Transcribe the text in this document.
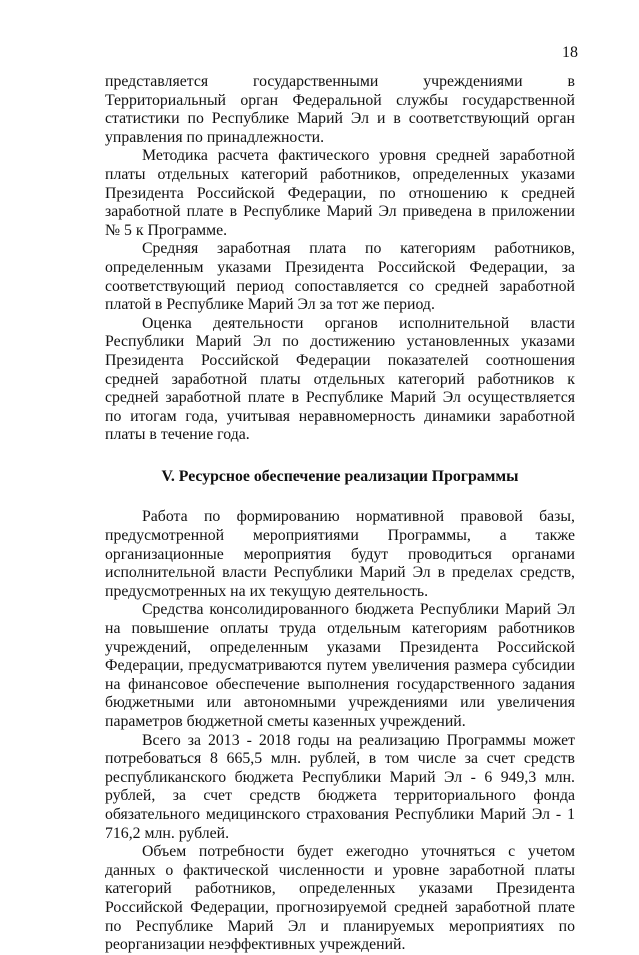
18

представляется государственными учреждениями в Территориальный орган Федеральной службы государственной статистики по Республике Марий Эл и в соответствующий орган управления по принадлежности.

Методика расчета фактического уровня средней заработной платы отдельных категорий работников, определенных указами Президента Российской Федерации, по отношению к средней заработной плате в Республике Марий Эл приведена в приложении № 5 к Программе.

Средняя заработная плата по категориям работников, определенным указами Президента Российской Федерации, за соответствующий период сопоставляется со средней заработной платой в Республике Марий Эл за тот же период.

Оценка деятельности органов исполнительной власти Республики Марий Эл по достижению установленных указами Президента Российской Федерации показателей соотношения средней заработной платы отдельных категорий работников к средней заработной плате в Республике Марий Эл осуществляется по итогам года, учитывая неравномерность динамики заработной платы в течение года.

V. Ресурсное обеспечение реализации Программы

Работа по формированию нормативной правовой базы, предусмотренной мероприятиями Программы, а также организационные мероприятия будут проводиться органами исполнительной власти Республики Марий Эл в пределах средств, предусмотренных на их текущую деятельность.

Средства консолидированного бюджета Республики Марий Эл на повышение оплаты труда отдельным категориям работников учреждений, определенным указами Президента Российской Федерации, предусматриваются путем увеличения размера субсидии на финансовое обеспечение выполнения государственного задания бюджетными или автономными учреждениями или увеличения параметров бюджетной сметы казенных учреждений.

Всего за 2013 - 2018 годы на реализацию Программы может потребоваться 8 665,5 млн. рублей, в том числе за счет средств республиканского бюджета Республики Марий Эл - 6 949,3 млн. рублей, за счет средств бюджета территориального фонда обязательного медицинского страхования Республики Марий Эл - 1 716,2 млн. рублей.

Объем потребности будет ежегодно уточняться с учетом данных о фактической численности и уровне заработной платы категорий работников, определенных указами Президента Российской Федерации, прогнозируемой средней заработной плате по Республике Марий Эл и планируемых мероприятиях по реорганизации неэффективных учреждений.
